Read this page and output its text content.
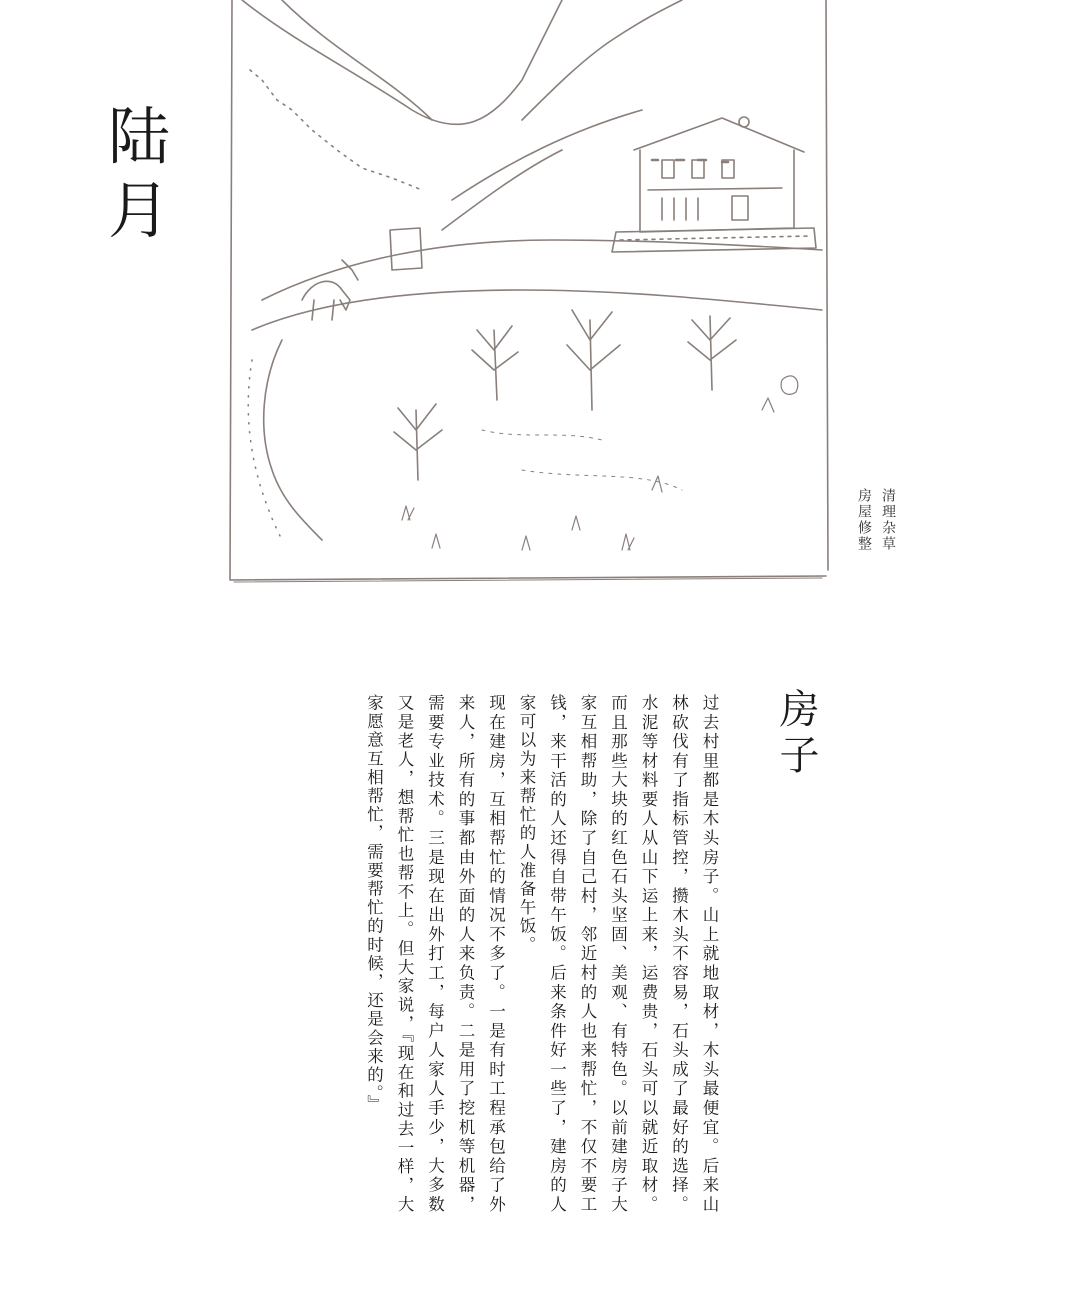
陆
月
清理杂草
房屋修整
房子

过去村里都是木头房子。山上就地取材，木头最便宜。后来山林砍伐有了指标管控，攒木头不容易，石头成了最好的选择。水泥等材料要人从山下运上来，运费贵，石头可以就近取材。而且那些大块的红色石头坚固、美观、有特色。以前建房子大家互相帮助，除了自己村，邻近村的人也来帮忙，不仅不要工钱，来干活的人还得自带午饭。后来条件好一些了，建房的人家可以为来帮忙的人准备午饭。

现在建房，互相帮忙的情况不多了。一是有时工程承包给了外来人，所有的事都由外面的人来负责。二是用了挖机等机器，需要专业技术。三是现在出外打工，每户人家人手少，大多数又是老人，想帮忙也帮不上。但大家说，『现在和过去一样，大家愿意互相帮忙，需要帮忙的时候，还是会来的。』
